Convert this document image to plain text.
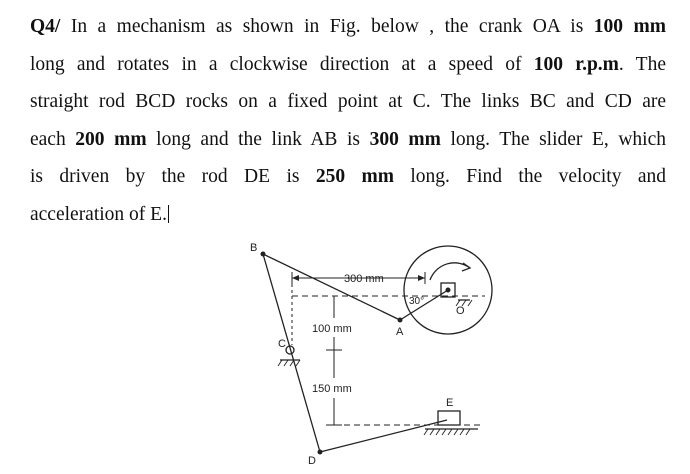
Q4/ In a mechanism as shown in Fig. below , the crank OA is 100 mm
long and rotates in a clockwise direction at a speed of 100 r.p.m. The
straight rod BCD rocks on a fixed point at C. The links BC and CD are
each 200 mm long and the link AB is 300 mm long. The slider E, which
is driven by the rod DE is 250 mm long. Find the velocity and
acceleration of E.
B
C
D
A
O
E
300 mm
100 mm
150 mm
30°
